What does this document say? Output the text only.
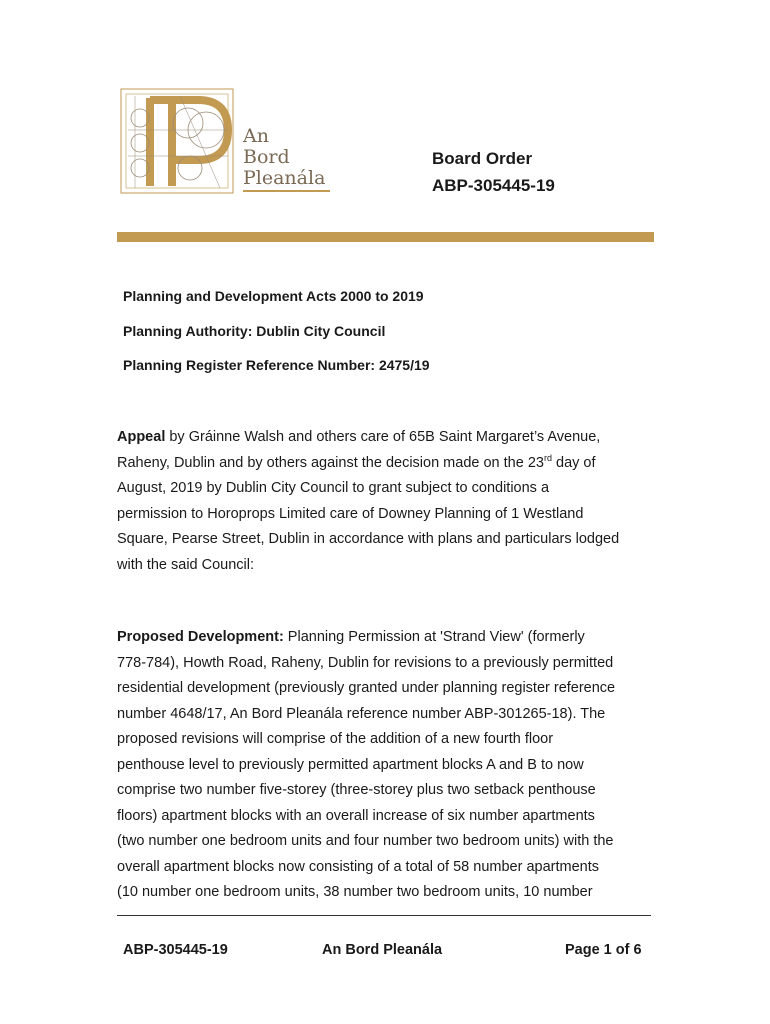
An
Bord
Pleanála
Board Order
ABP-305445-19
Planning and Development Acts 2000 to 2019
Planning Authority: Dublin City Council
Planning Register Reference Number: 2475/19
Appeal by Gráinne Walsh and others care of 65B Saint Margaret’s Avenue,
Raheny, Dublin and by others against the decision made on the 23rd day of
August, 2019 by Dublin City Council to grant subject to conditions a
permission to Horoprops Limited care of Downey Planning of 1 Westland
Square, Pearse Street, Dublin in accordance with plans and particulars lodged
with the said Council:
Proposed Development: Planning Permission at 'Strand View' (formerly
778-784), Howth Road, Raheny, Dublin for revisions to a previously permitted
residential development (previously granted under planning register reference
number 4648/17, An Bord Pleanála reference number ABP-301265-18). The
proposed revisions will comprise of the addition of a new fourth floor
penthouse level to previously permitted apartment blocks A and B to now
comprise two number five-storey (three-storey plus two setback penthouse
floors) apartment blocks with an overall increase of six number apartments
(two number one bedroom units and four number two bedroom units) with the
overall apartment blocks now consisting of a total of 58 number apartments
(10 number one bedroom units, 38 number two bedroom units, 10 number
ABP-305445-19	An Bord Pleanála	Page 1 of 6
